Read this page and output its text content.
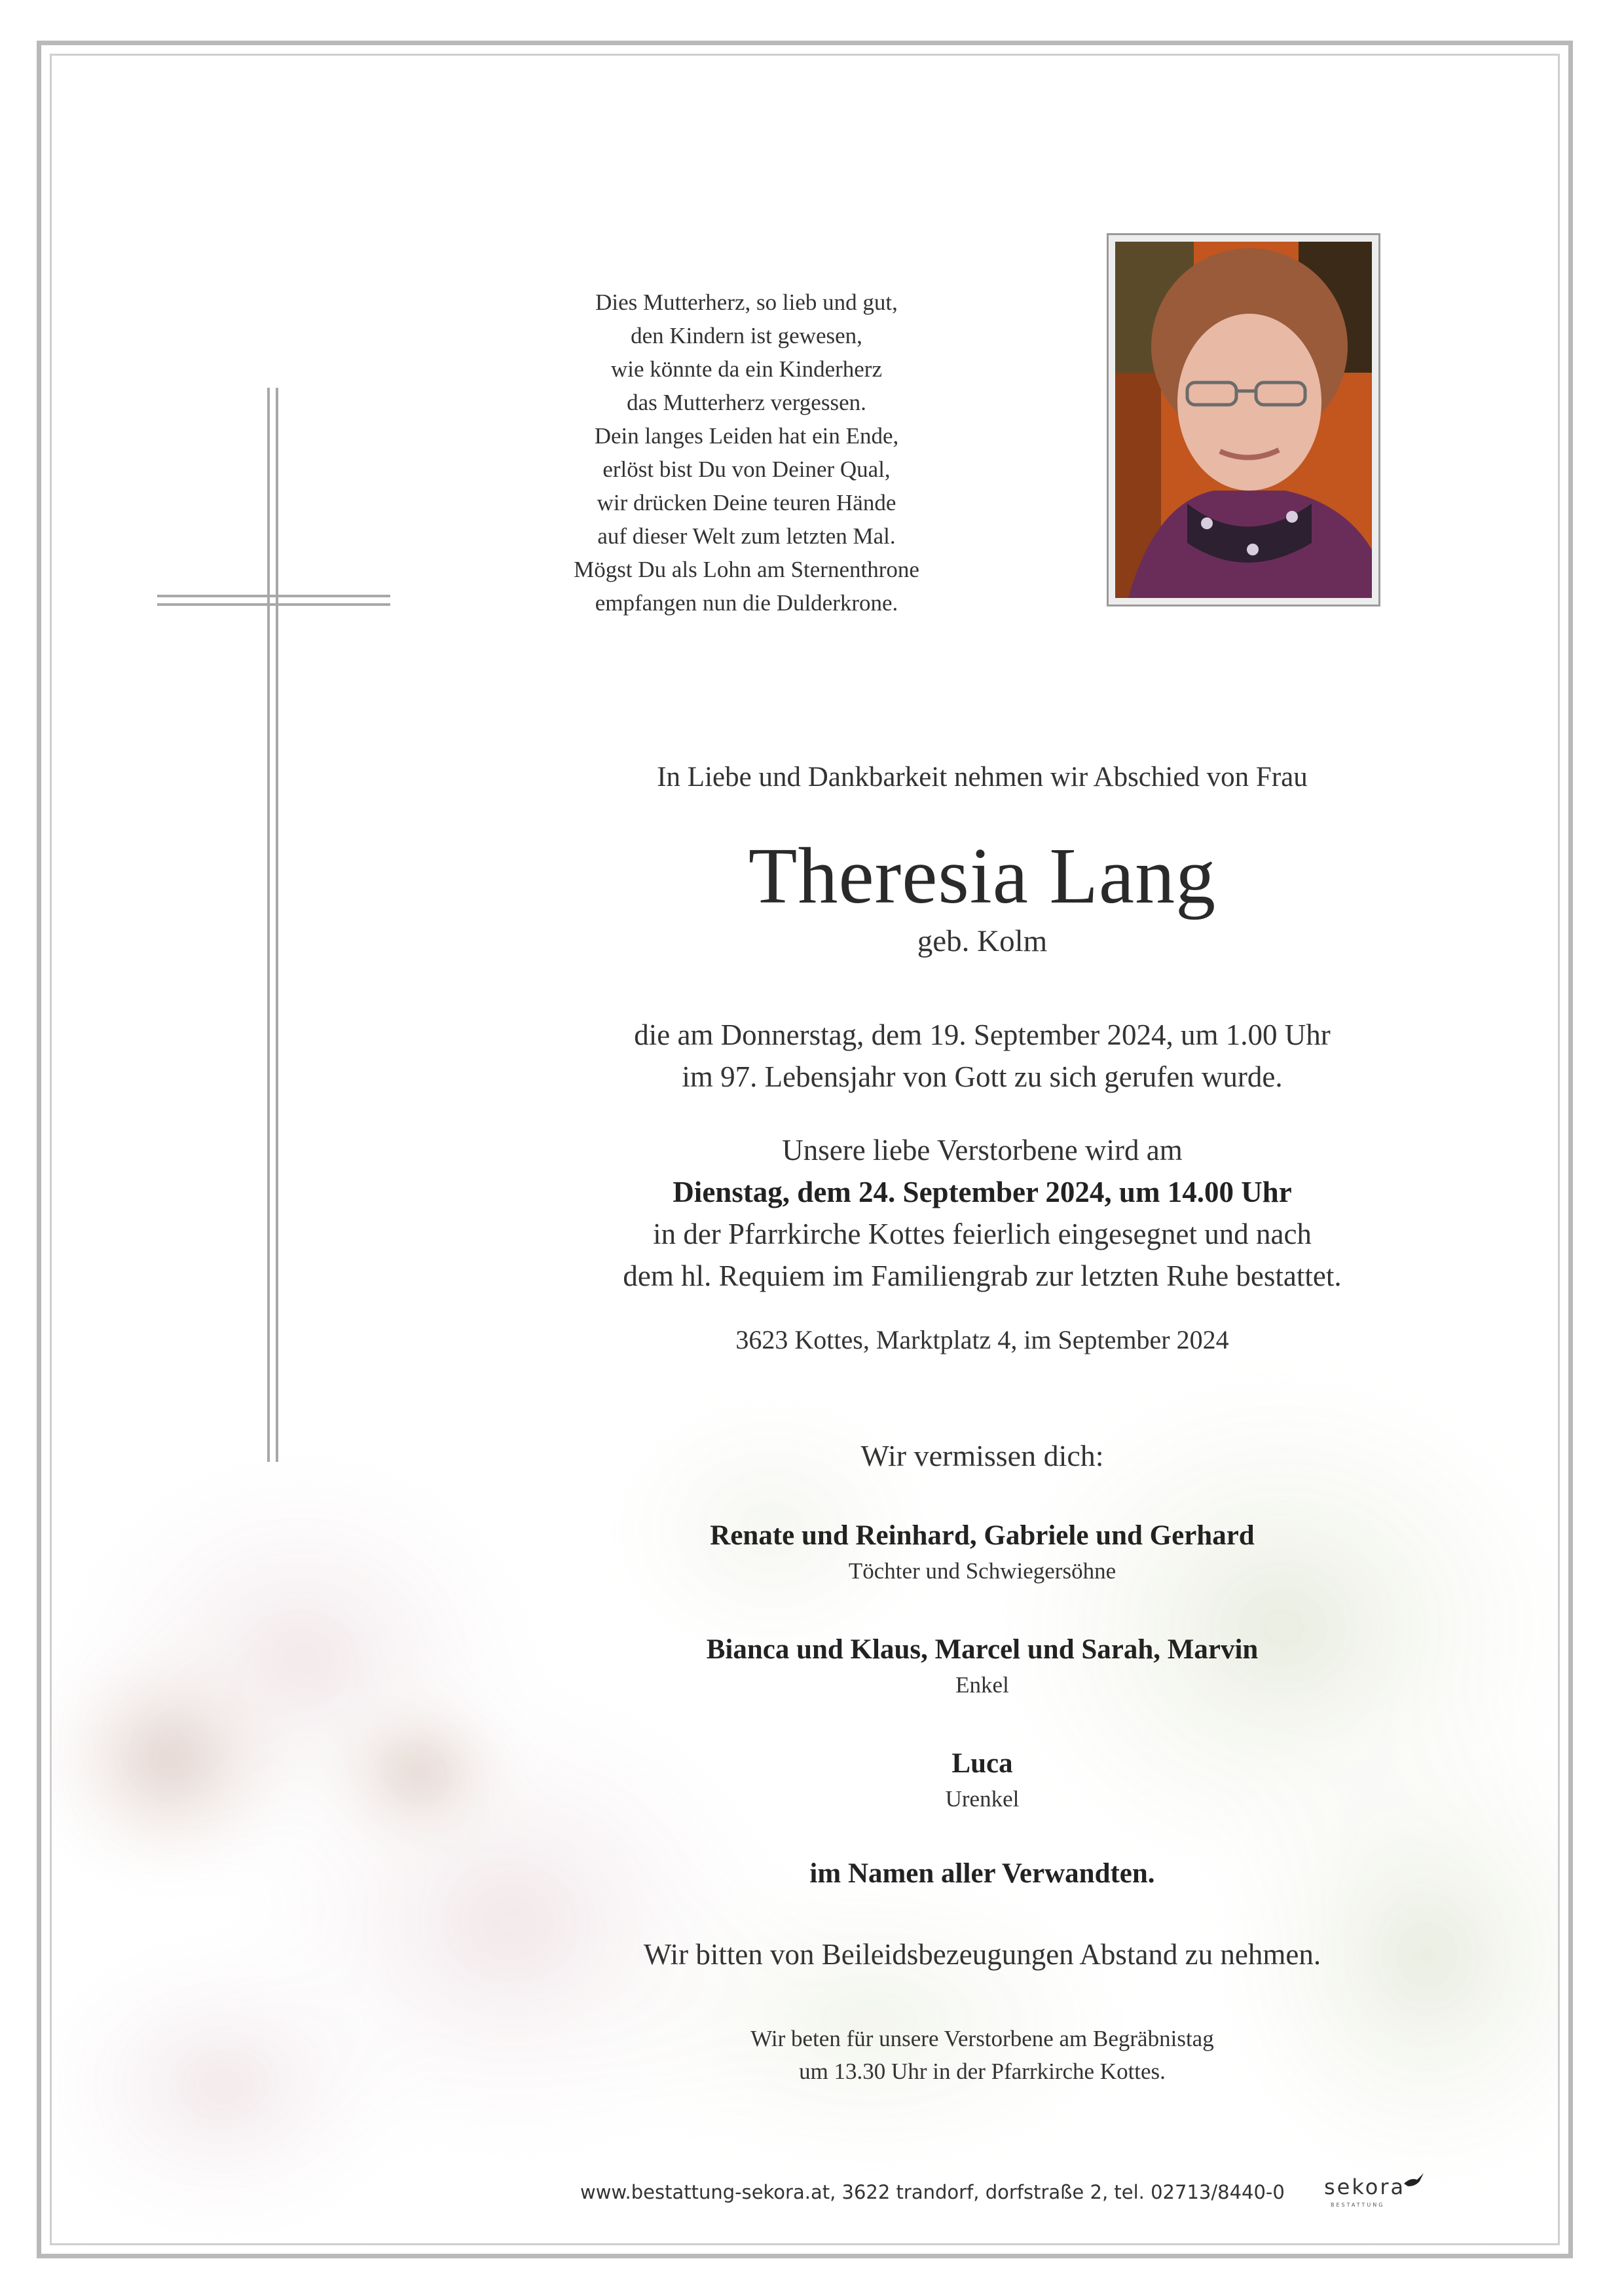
Dies Mutterherz, so lieb und gut,
den Kindern ist gewesen,
wie könnte da ein Kinderherz
das Mutterherz vergessen.
Dein langes Leiden hat ein Ende,
erlöst bist Du von Deiner Qual,
wir drücken Deine teuren Hände
auf dieser Welt zum letzten Mal.
Mögst Du als Lohn am Sternenthrone
empfangen nun die Dulderkrone.
In Liebe und Dankbarkeit nehmen wir Abschied von Frau
Theresia Lang
geb. Kolm
die am Donnerstag, dem 19. September 2024, um 1.00 Uhr
im 97. Lebensjahr von Gott zu sich gerufen wurde.
Unsere liebe Verstorbene wird am
Dienstag, dem 24. September 2024, um 14.00 Uhr
in der Pfarrkirche Kottes feierlich eingesegnet und nach
dem hl. Requiem im Familiengrab zur letzten Ruhe bestattet.
3623 Kottes, Marktplatz 4, im September 2024
Wir vermissen dich:
Renate und Reinhard, Gabriele und Gerhard
Töchter und Schwiegersöhne
Bianca und Klaus, Marcel und Sarah, Marvin
Enkel
Luca
Urenkel
im Namen aller Verwandten.
Wir bitten von Beileidsbezeugungen Abstand zu nehmen.
Wir beten für unsere Verstorbene am Begräbnistag
um 13.30 Uhr in der Pfarrkirche Kottes.
www.bestattung-sekora.at, 3622 trandorf, dorfstraße 2, tel. 02713/8440-0	sekora
BESTATTUNG
